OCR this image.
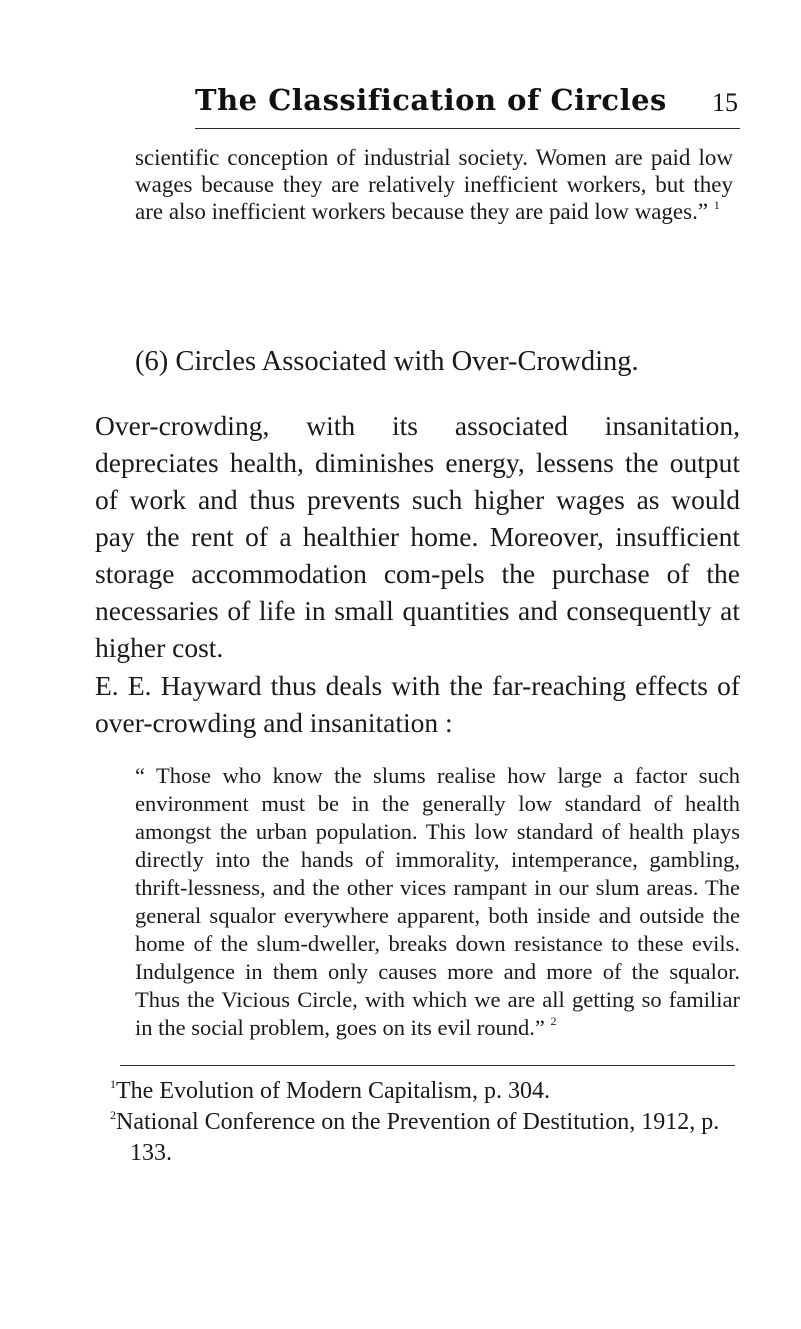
The Classification of Circles 15
scientific conception of industrial society. Women are paid low wages because they are relatively inefficient workers, but they are also inefficient workers because they are paid low wages.” $^1$
(6) Circles Associated with Over-Crowding.
Over-crowding, with its associated insanitation, depreciates health, diminishes energy, lessens the output of work and thus prevents such higher wages as would pay the rent of a healthier home. Moreover, insufficient storage accommodation com-pels the purchase of the necessaries of life in small quantities and consequently at higher cost.
E. E. Hayward thus deals with the far-reaching effects of over-crowding and insanitation :
“ Those who know the slums realise how large a factor such environment must be in the generally low standard of health amongst the urban population. This low standard of health plays directly into the hands of immorality, intemperance, gambling, thrift-lessness, and the other vices rampant in our slum areas. The general squalor everywhere apparent, both inside and outside the home of the slum-dweller, breaks down resistance to these evils. Indulgence in them only causes more and more of the squalor. Thus the Vicious Circle, with which we are all getting so familiar in the social problem, goes on its evil round.” $^2$
$^1$The Evolution of Modern Capitalism, p. 304.
$^2$National Conference on the Prevention of Destitution, 1912, p. 133.
